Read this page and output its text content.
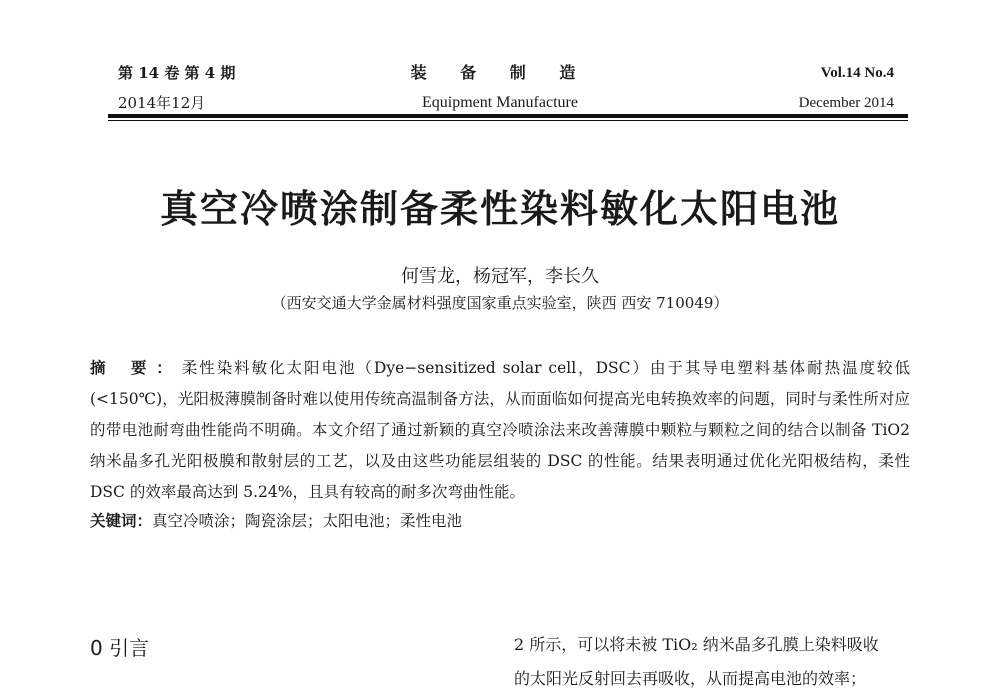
第 14 卷 第 4 期
2014年12月
装 备 制 造
Equipment Manufacture
Vol.14 No.4
December 2014
真空冷喷涂制备柔性染料敏化太阳电池
何雪龙，杨冠军，李长久
（西安交通大学金属材料强度国家重点实验室，陕西 西安 710049）
摘 要：柔性染料敏化太阳电池（Dye−sensitized solar cell，DSC）由于其导电塑料基体耐热温度较低(<150℃)，光阳极薄膜制备时难以使用传统高温制备方法，从而面临如何提高光电转换效率的问题，同时与柔性所对应的带电池耐弯曲性能尚不明确。本文介绍了通过新颖的真空冷喷涂法来改善薄膜中颗粒与颗粒之间的结合以制备 TiO2 纳米晶多孔光阳极膜和散射层的工艺，以及由这些功能层组装的 DSC 的性能。结果表明通过优化光阳极结构，柔性 DSC 的效率最高达到 5.24%，且具有较高的耐多次弯曲性能。
关键词：真空冷喷涂；陶瓷涂层；太阳电池；柔性电池
0 引言	2 所示，可以将未被 TiO₂ 纳米晶多孔膜上染料吸收
的太阳光反射回去再吸收，从而提高电池的效率；
